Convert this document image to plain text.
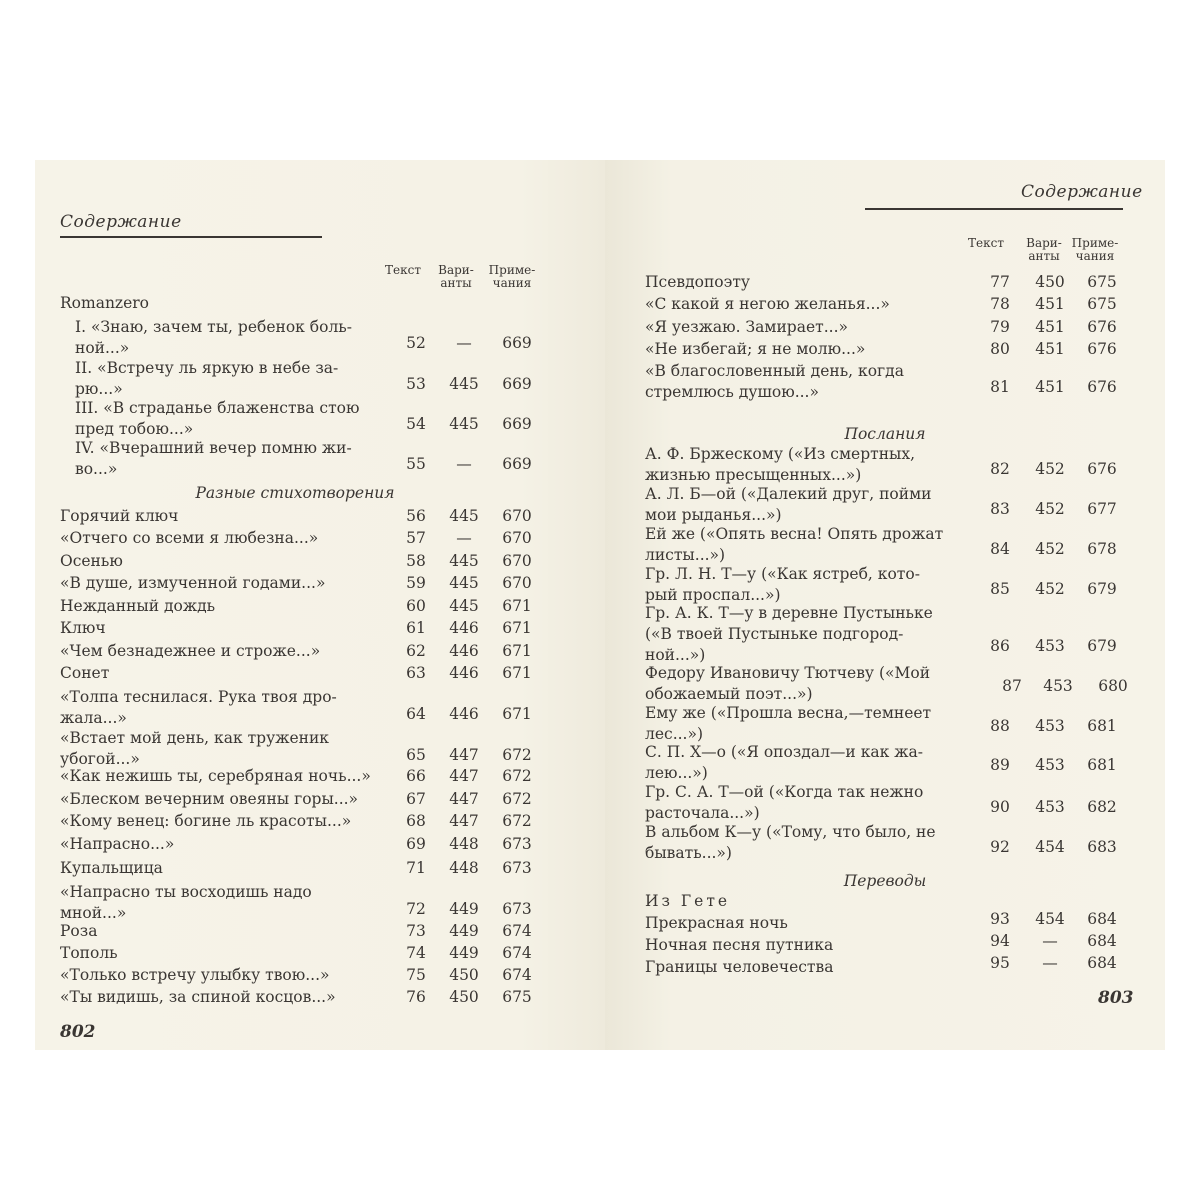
Содержание
Текст	Вари-
анты
Приме-
чания
Romanzero
I. «Знаю, зачем ты, ребенок боль-
ной...»	52	—	669
II. «Встречу ль яркую в небе за-
рю...»	53	445	669
III. «В страданье блаженства стою
пред тобою...»	54	445	669
IV. «Вчерашний вечер помню жи-
во...»	55	—	669
Разные стихотворения
Горячий ключ	56	445	670
«Отчего со всеми я любезна...»	57	—	670
Осенью	58	445	670
«В душе, измученной годами...»	59	445	670
Нежданный дождь	60	445	671
Ключ	61	446	671
«Чем безнадежнее и строже...»	62	446	671
Сонет	63	446	671
«Толпа теснилася. Рука твоя дро-
жала...»	64	446	671
«Встает мой день, как труженик
убогой...»	65	447	672
«Как нежишь ты, серебряная ночь...»	66	447	672
«Блеском вечерним овеяны горы...»	67	447	672
«Кому венец: богине ль красоты...»	68	447	672
«Напрасно...»	69	448	673
Купальщица	71	448	673
«Напрасно ты восходишь надо
мной...»	72	449	673
Роза	73	449	674
Тополь	74	449	674
«Только встречу улыбку твою...»	75	450	674
«Ты видишь, за спиной косцов...»	76	450	675
802
Содержание
Текст	Вари-
анты
Приме-
чания
Псевдопоэту	77	450	675
«С какой я негою желанья...»	78	451	675
«Я уезжаю. Замирает...»	79	451	676
«Не избегай; я не молю...»	80	451	676
«В благословенный день, когда
стремлюсь душою...»	81	451	676
Послания
А. Ф. Бржескому («Из смертных,
жизнью пресыщенных...»)	82	452	676
А. Л. Б—ой («Далекий друг, пойми
мои рыданья...»)	83	452	677
Ей же («Опять весна! Опять дрожат
листы...»)	84	452	678
Гр. Л. Н. Т—у («Как ястреб, кото-
рый проспал...»)	85	452	679
Гр. А. К. Т—у в деревне Пустыньке
(«В твоей Пустыньке подгород-
ной...»)	86	453	679
Федору Ивановичу Тютчеву («Мой
обожаемый поэт...»)	87	453	680
Ему же («Прошла весна,—темнеет
лес...»)	88	453	681
С. П. Х—о («Я опоздал—и как жа-
лею...»)	89	453	681
Гр. С. А. Т—ой («Когда так нежно
расточала...»)	90	453	682
В альбом К—у («Тому, что было, не
бывать...»)	92	454	683
Переводы
Из Гете
Прекрасная ночь	93	454	684
Ночная песня путника	94	—	684
Границы человечества	95	—	684
803
